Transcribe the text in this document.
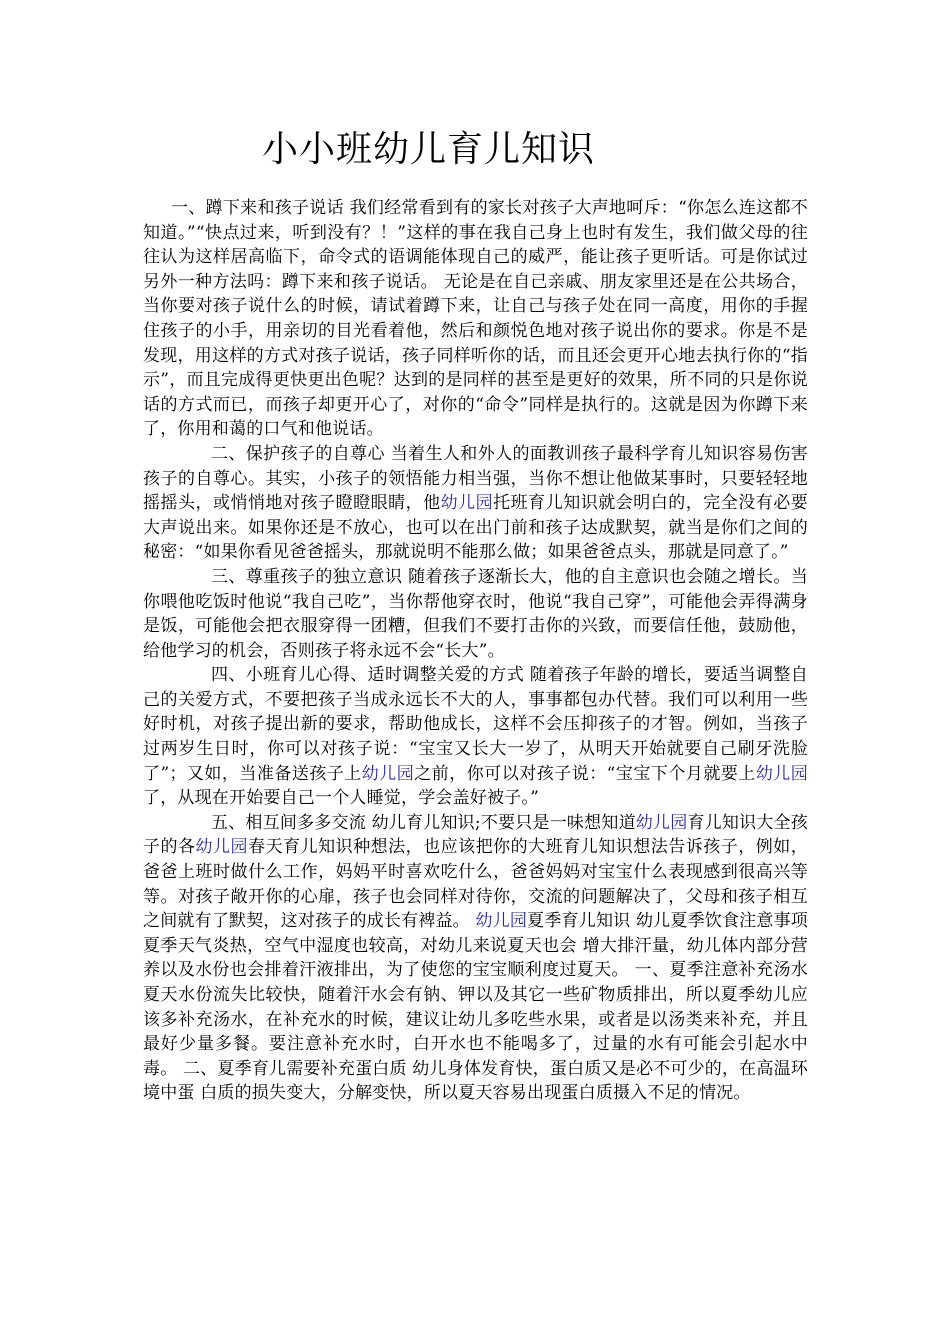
小小班幼儿育儿知识

一、蹲下来和孩子说话 我们经常看到有的家长对孩子大声地呵斥：“你怎么连这都不知道。”“快点过来，听到没有？！”这样的事在我自己身上也时有发生，我们做父母的往往认为这样居高临下，命令式的语调能体现自己的威严，能让孩子更听话。可是你试过另外一种方法吗：蹲下来和孩子说话。 无论是在自己亲戚、朋友家里还是在公共场合，当你要对孩子说什么的时候，请试着蹲下来，让自己与孩子处在同一高度，用你的手握住孩子的小手，用亲切的目光看着他，然后和颜悦色地对孩子说出你的要求。你是不是发现，用这样的方式对孩子说话，孩子同样听你的话，而且还会更开心地去执行你的“指示”，而且完成得更快更出色呢？达到的是同样的甚至是更好的效果，所不同的只是你说话的方式而已，而孩子却更开心了，对你的“命令”同样是执行的。这就是因为你蹲下来了，你用和蔼的口气和他说话。

二、保护孩子的自尊心 当着生人和外人的面教训孩子最科学育儿知识容易伤害孩子的自尊心。其实，小孩子的领悟能力相当强，当你不想让他做某事时，只要轻轻地摇摇头，或悄悄地对孩子瞪瞪眼睛，他幼儿园托班育儿知识就会明白的，完全没有必要大声说出来。如果你还是不放心，也可以在出门前和孩子达成默契，就当是你们之间的秘密：“如果你看见爸爸摇头，那就说明不能那么做；如果爸爸点头，那就是同意了。”

三、尊重孩子的独立意识 随着孩子逐渐长大，他的自主意识也会随之增长。当你喂他吃饭时他说“我自己吃”，当你帮他穿衣时，他说“我自己穿”，可能他会弄得满身是饭，可能他会把衣服穿得一团糟，但我们不要打击你的兴致，而要信任他，鼓励他，给他学习的机会，否则孩子将永远不会“长大”。

四、小班育儿心得、适时调整关爱的方式 随着孩子年龄的增长，要适当调整自己的关爱方式，不要把孩子当成永远长不大的人，事事都包办代替。我们可以利用一些好时机，对孩子提出新的要求，帮助他成长，这样不会压抑孩子的才智。例如，当孩子过两岁生日时，你可以对孩子说：“宝宝又长大一岁了，从明天开始就要自己刷牙洗脸了”；又如，当准备送孩子上幼儿园之前，你可以对孩子说：“宝宝下个月就要上幼儿园了，从现在开始要自己一个人睡觉，学会盖好被子。”

五、相互间多多交流 幼儿育儿知识;不要只是一味想知道幼儿园育儿知识大全孩子的各幼儿园春天育儿知识种想法，也应该把你的大班育儿知识想法告诉孩子，例如，爸爸上班时做什么工作，妈妈平时喜欢吃什么，爸爸妈妈对宝宝什么表现感到很高兴等等。对孩子敞开你的心扉，孩子也会同样对待你，交流的问题解决了，父母和孩子相互之间就有了默契，这对孩子的成长有裨益。 幼儿园夏季育儿知识 幼儿夏季饮食注意事项 夏季天气炎热，空气中湿度也较高，对幼儿来说夏天也会 增大排汗量，幼儿体内部分营养以及水份也会排着汗液排出，为了使您的宝宝顺利度过夏天。 一、夏季注意补充汤水 夏天水份流失比较快，随着汗水会有钠、钾以及其它一些矿物质排出，所以夏季幼儿应该多补充汤水，在补充水的时候，建议让幼儿多吃些水果，或者是以汤类来补充，并且最好少量多餐。要注意补充水时，白开水也不能喝多了，过量的水有可能会引起水中毒。 二、夏季育儿需要补充蛋白质 幼儿身体发育快，蛋白质又是必不可少的，在高温环境中蛋 白质的损失变大，分解变快，所以夏天容易出现蛋白质摄入不足的情况。
